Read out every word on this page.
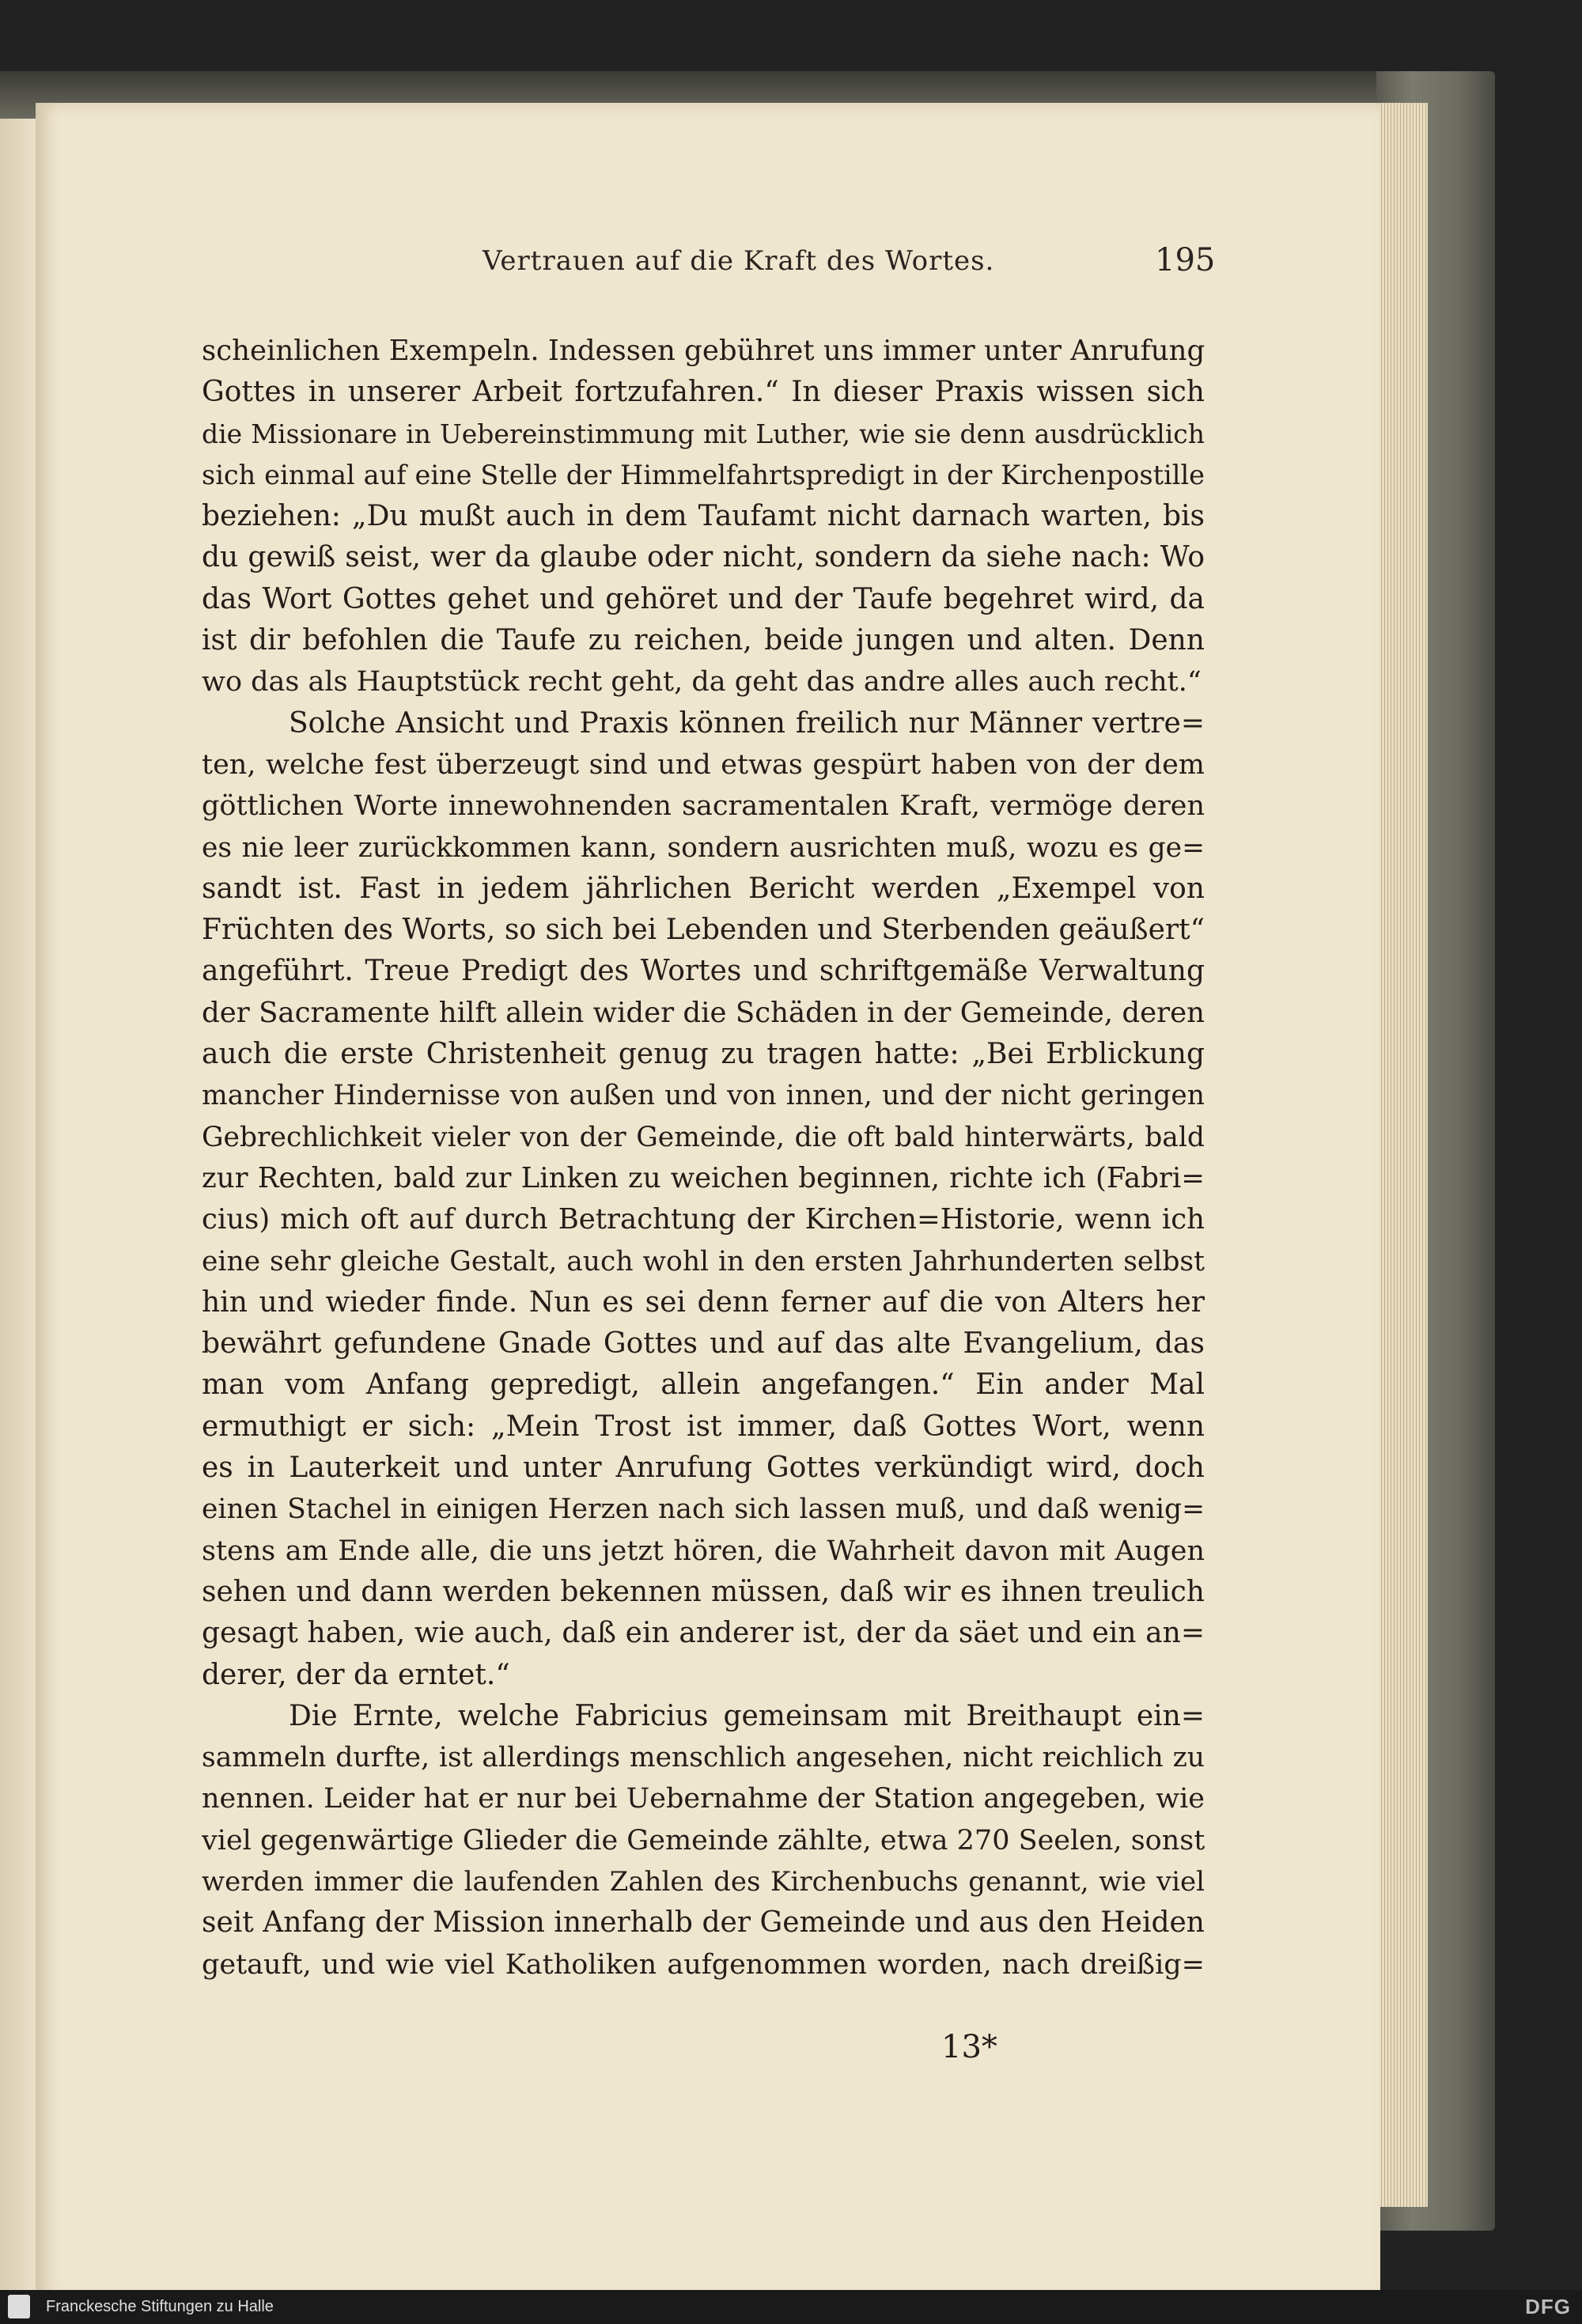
Vertrauen auf die Kraft des Wortes.	195
scheinlichen Exempeln. Indessen gebühret uns immer unter Anrufung
Gottes in unserer Arbeit fortzufahren.“ In dieser Praxis wissen sich
die Missionare in Uebereinstimmung mit Luther, wie sie denn ausdrücklich
sich einmal auf eine Stelle der Himmelfahrtspredigt in der Kirchenpostille
beziehen: „Du mußt auch in dem Taufamt nicht darnach warten, bis
du gewiß seist, wer da glaube oder nicht, sondern da siehe nach: Wo
das Wort Gottes gehet und gehöret und der Taufe begehret wird, da
ist dir befohlen die Taufe zu reichen, beide jungen und alten. Denn
wo das als Hauptstück recht geht, da geht das andre alles auch recht.“
Solche Ansicht und Praxis können freilich nur Männer vertre=
ten, welche fest überzeugt sind und etwas gespürt haben von der dem
göttlichen Worte innewohnenden sacramentalen Kraft, vermöge deren
es nie leer zurückkommen kann, sondern ausrichten muß, wozu es ge=
sandt ist. Fast in jedem jährlichen Bericht werden „Exempel von
Früchten des Worts, so sich bei Lebenden und Sterbenden geäußert“
angeführt. Treue Predigt des Wortes und schriftgemäße Verwaltung
der Sacramente hilft allein wider die Schäden in der Gemeinde, deren
auch die erste Christenheit genug zu tragen hatte: „Bei Erblickung
mancher Hindernisse von außen und von innen, und der nicht geringen
Gebrechlichkeit vieler von der Gemeinde, die oft bald hinterwärts, bald
zur Rechten, bald zur Linken zu weichen beginnen, richte ich (Fabri=
cius) mich oft auf durch Betrachtung der Kirchen=Historie, wenn ich
eine sehr gleiche Gestalt, auch wohl in den ersten Jahrhunderten selbst
hin und wieder finde. Nun es sei denn ferner auf die von Alters her
bewährt gefundene Gnade Gottes und auf das alte Evangelium, das
man vom Anfang gepredigt, allein angefangen.“ Ein ander Mal
ermuthigt er sich: „Mein Trost ist immer, daß Gottes Wort, wenn
es in Lauterkeit und unter Anrufung Gottes verkündigt wird, doch
einen Stachel in einigen Herzen nach sich lassen muß, und daß wenig=
stens am Ende alle, die uns jetzt hören, die Wahrheit davon mit Augen
sehen und dann werden bekennen müssen, daß wir es ihnen treulich
gesagt haben, wie auch, daß ein anderer ist, der da säet und ein an=
derer, der da erntet.“
Die Ernte, welche Fabricius gemeinsam mit Breithaupt ein=
sammeln durfte, ist allerdings menschlich angesehen, nicht reichlich zu
nennen. Leider hat er nur bei Uebernahme der Station angegeben, wie
viel gegenwärtige Glieder die Gemeinde zählte, etwa 270 Seelen, sonst
werden immer die laufenden Zahlen des Kirchenbuchs genannt, wie viel
seit Anfang der Mission innerhalb der Gemeinde und aus den Heiden
getauft, und wie viel Katholiken aufgenommen worden, nach dreißig=
13*
Franckesche Stiftungen zu Halle	DFG
